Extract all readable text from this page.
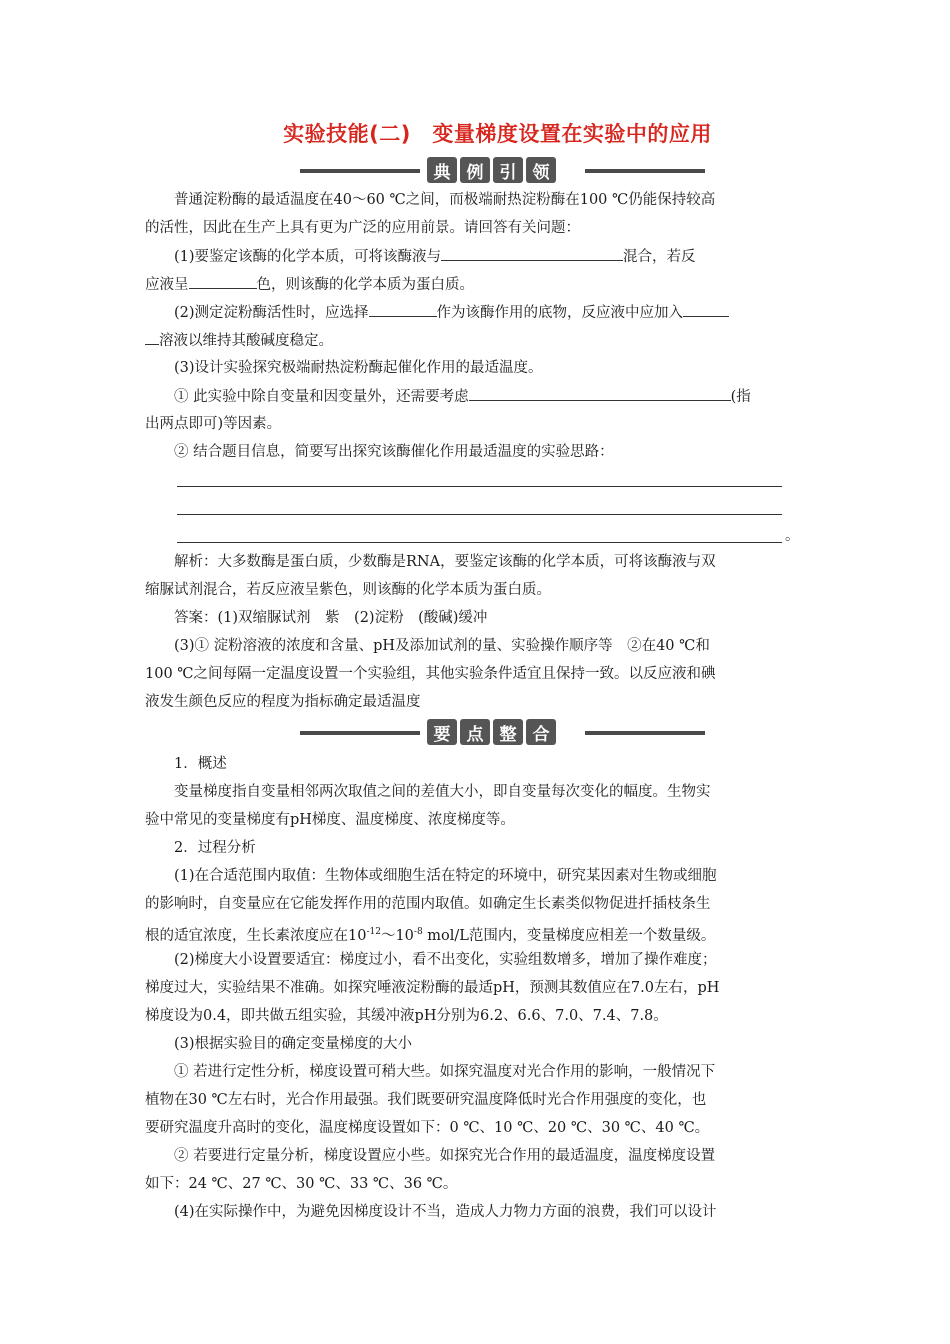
实验技能(二)　变量梯度设置在实验中的应用
典 例 引 领
普通淀粉酶的最适温度在40～60 ℃之间，而极端耐热淀粉酶在100 ℃仍能保持较高
的活性，因此在生产上具有更为广泛的应用前景。请回答有关问题：
(1)要鉴定该酶的化学本质，可将该酶液与	混合，若反
应液呈	色，则该酶的化学本质为蛋白质。
(2)测定淀粉酶活性时，应选择	作为该酶作用的底物，反应液中应加入
溶液以维持其酸碱度稳定。
(3)设计实验探究极端耐热淀粉酶起催化作用的最适温度。
① 此实验中除自变量和因变量外，还需要考虑	(指
出两点即可)等因素。
② 结合题目信息，简要写出探究该酶催化作用最适温度的实验思路：
。
解析：大多数酶是蛋白质，少数酶是RNA，要鉴定该酶的化学本质，可将该酶液与双
缩脲试剂混合，若反应液呈紫色，则该酶的化学本质为蛋白质。
答案：(1)双缩脲试剂　紫　(2)淀粉　(酸碱)缓冲
(3)① 淀粉溶液的浓度和含量、pH及添加试剂的量、实验操作顺序等　②在40 ℃和
100 ℃之间每隔一定温度设置一个实验组，其他实验条件适宜且保持一致。以反应液和碘
液发生颜色反应的程度为指标确定最适温度
要 点 整 合
1．概述
变量梯度指自变量相邻两次取值之间的差值大小，即自变量每次变化的幅度。生物实
验中常见的变量梯度有pH梯度、温度梯度、浓度梯度等。
2．过程分析
(1)在合适范围内取值：生物体或细胞生活在特定的环境中，研究某因素对生物或细胞
的影响时，自变量应在它能发挥作用的范围内取值。如确定生长素类似物促进扦插枝条生
根的适宜浓度，生长素浓度应在$10^{-12}\sim 10^{-8}$ mol/L范围内，变量梯度应相差一个数量级。
(2)梯度大小设置要适宜：梯度过小，看不出变化，实验组数增多，增加了操作难度；
梯度过大，实验结果不准确。如探究唾液淀粉酶的最适pH，预测其数值应在7.0左右，pH
梯度设为0.4，即共做五组实验，其缓冲液pH分别为6.2、6.6、7.0、7.4、7.8。
(3)根据实验目的确定变量梯度的大小
① 若进行定性分析，梯度设置可稍大些。如探究温度对光合作用的影响，一般情况下
植物在30 ℃左右时，光合作用最强。我们既要研究温度降低时光合作用强度的变化，也
要研究温度升高时的变化，温度梯度设置如下：0 ℃、10 ℃、20 ℃、30 ℃、40 ℃。
② 若要进行定量分析，梯度设置应小些。如探究光合作用的最适温度，温度梯度设置
如下：24 ℃、27 ℃、30 ℃、33 ℃、36 ℃。
(4)在实际操作中，为避免因梯度设计不当，造成人力物力方面的浪费，我们可以设计
